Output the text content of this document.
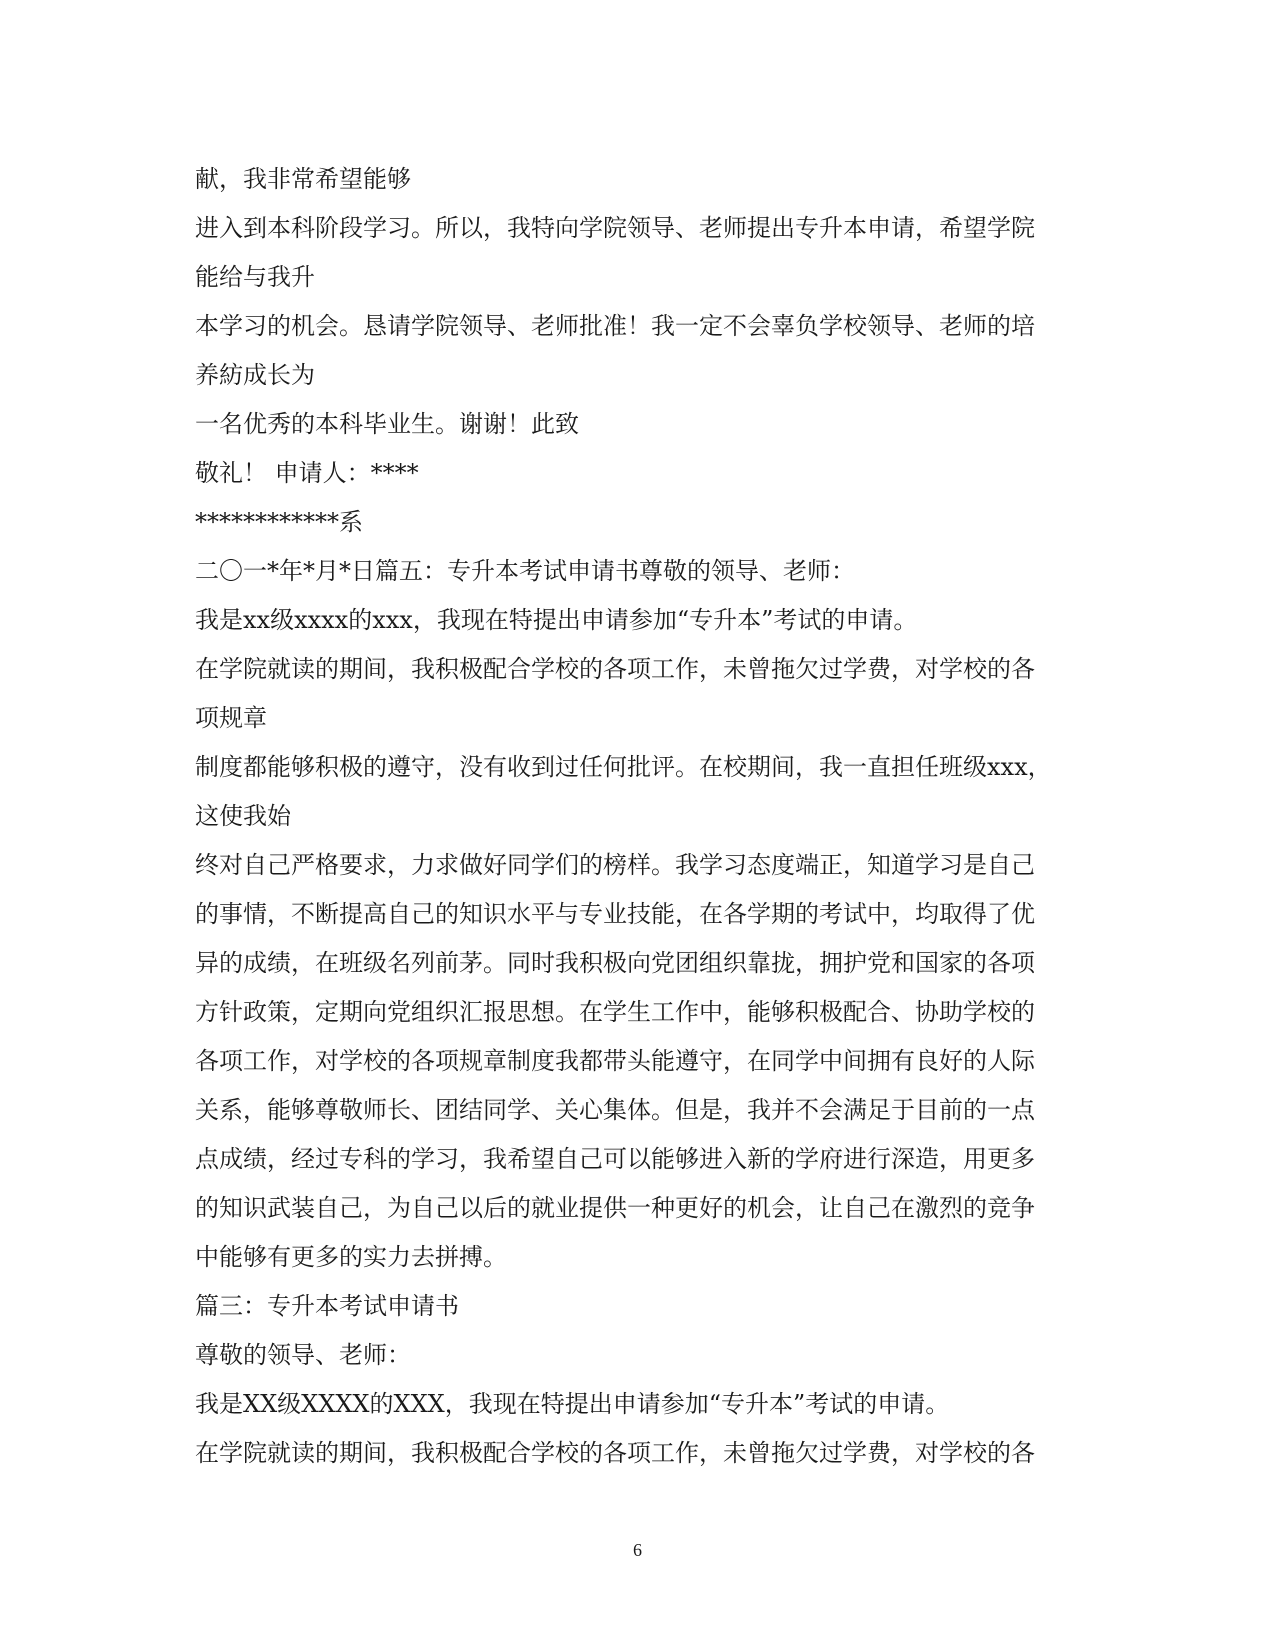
献，我非常希望能够
进入到本科阶段学习。所以，我特向学院领导、老师提出专升本申请，希望学院
能给与我升
本学习的机会。恳请学院领导、老师批准！我一定不会辜负学校领导、老师的培
养紡成长为
一名优秀的本科毕业生。谢谢！此致
敬礼！ 申请人：****
************系
二〇一*年*月*日篇五：专升本考试申请书尊敬的领导、老师：
我是xx级xxxx的xxx，我现在特提出申请参加“专升本”考试的申请。
在学院就读的期间，我积极配合学校的各项工作，未曾拖欠过学费，对学校的各
项规章
制度都能够积极的遵守，没有收到过任何批评。在校期间，我一直担任班级xxx，
这使我始
终对自己严格要求，力求做好同学们的榜样。我学习态度端正，知道学习是自己
的事情，不断提高自己的知识水平与专业技能，在各学期的考试中，均取得了优
异的成绩，在班级名列前茅。同时我积极向党团组织靠拢，拥护党和国家的各项
方针政策，定期向党组织汇报思想。在学生工作中，能够积极配合、协助学校的
各项工作，对学校的各项规章制度我都带头能遵守，在同学中间拥有良好的人际
关系，能够尊敬师长、团结同学、关心集体。但是，我并不会满足于目前的一点
点成绩，经过专科的学习，我希望自己可以能够进入新的学府进行深造，用更多
的知识武装自己，为自己以后的就业提供一种更好的机会，让自己在激烈的竞争
中能够有更多的实力去拼搏。
篇三：专升本考试申请书
尊敬的领导、老师：
我是XX级XXXX的XXX，我现在特提出申请参加“专升本”考试的申请。
在学院就读的期间，我积极配合学校的各项工作，未曾拖欠过学费，对学校的各
6
